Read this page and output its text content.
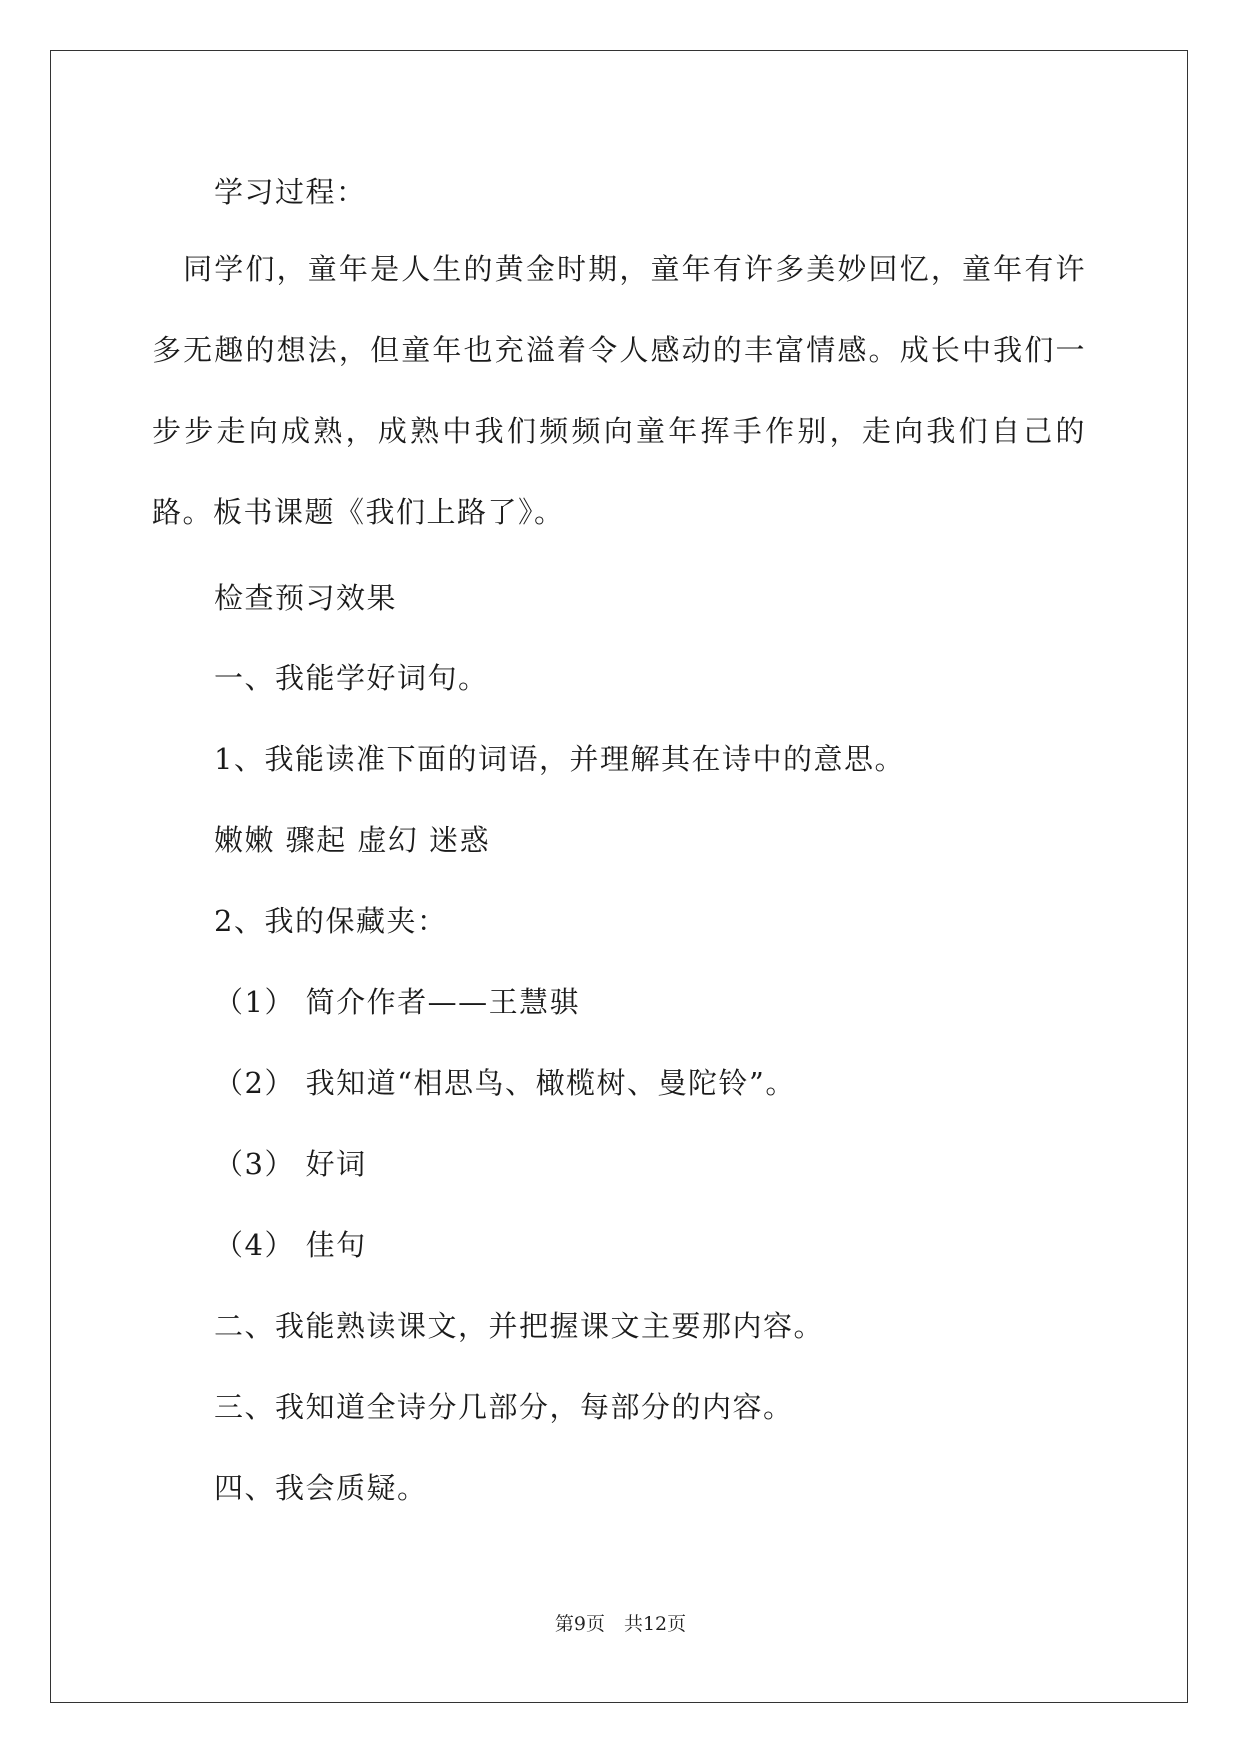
学习过程：
　同学们，童年是人生的黄金时期，童年有许多美妙回忆，童年有许多无趣的想法，但童年也充溢着令人感动的丰富情感。成长中我们一步步走向成熟，成熟中我们频频向童年挥手作别，走向我们自己的路。板书课题《我们上路了》。
检查预习效果
一、我能学好词句。
1、我能读准下面的词语，并理解其在诗中的意思。
嫩嫩 骤起 虚幻 迷惑
2、我的保藏夹：
（1） 简介作者——王慧骐
（2） 我知道“相思鸟、橄榄树、曼陀铃”。
（3） 好词
（4） 佳句
二、我能熟读课文，并把握课文主要那内容。
三、我知道全诗分几部分，每部分的内容。
四、我会质疑。
第9页　共12页
